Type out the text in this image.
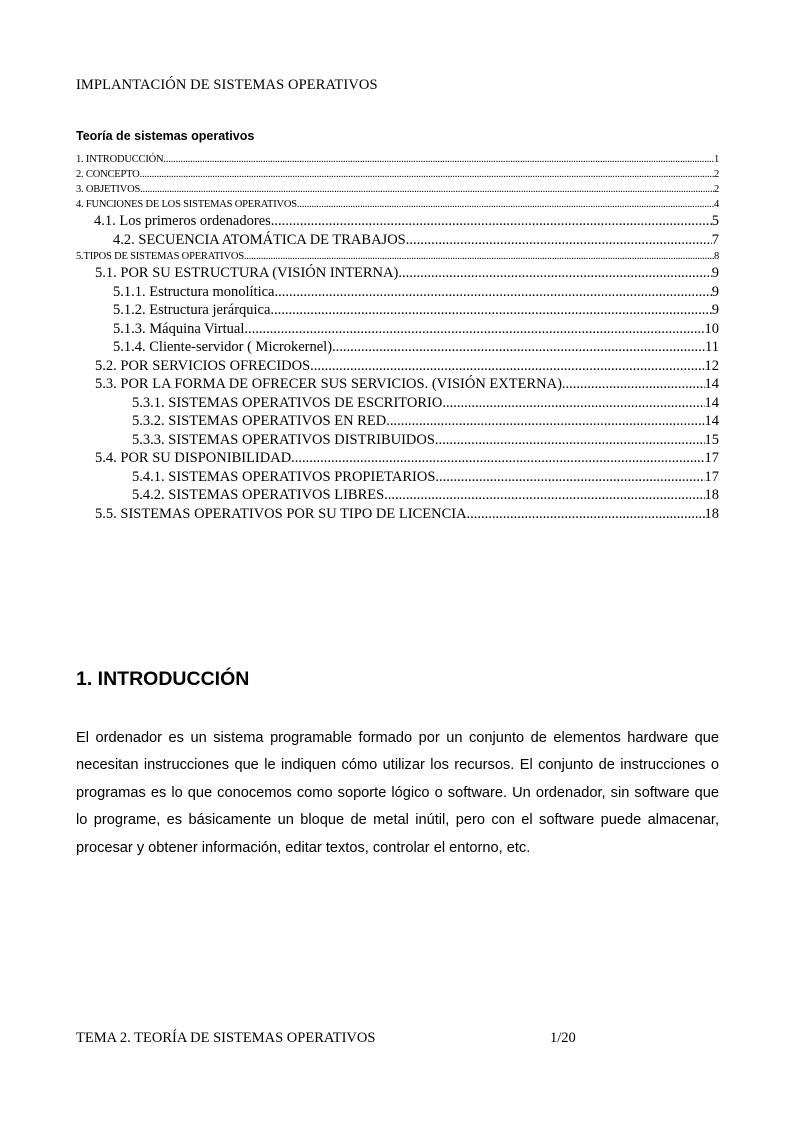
IMPLANTACIÓN DE SISTEMAS OPERATIVOS
Teoría de sistemas operativos
1. INTRODUCCIÓN .....	1
2. CONCEPTO .....	2
3. OBJETIVOS .....	2
4. FUNCIONES DE LOS SISTEMAS OPERATIVOS .....	4
4.1. Los primeros ordenadores .....	5
4.2. SECUENCIA ATOMÁTICA DE TRABAJOS .....	7
5.TIPOS DE SISTEMAS OPERATIVOS .....	8
5.1. POR SU ESTRUCTURA (VISIÓN INTERNA) .....	9
5.1.1. Estructura monolítica .....	9
5.1.2. Estructura jerárquica .....	9
5.1.3. Máquina Virtual .....	10
5.1.4. Cliente-servidor ( Microkernel) .....	11
5.2. POR SERVICIOS OFRECIDOS .....	12
5.3. POR LA FORMA DE OFRECER SUS SERVICIOS. (VISIÓN EXTERNA) .....	14
5.3.1. SISTEMAS OPERATIVOS DE ESCRITORIO .....	14
5.3.2. SISTEMAS OPERATIVOS EN RED .....	14
5.3.3. SISTEMAS OPERATIVOS DISTRIBUIDOS .....	15
5.4. POR SU DISPONIBILIDAD .....	17
5.4.1. SISTEMAS OPERATIVOS PROPIETARIOS .....	17
5.4.2. SISTEMAS OPERATIVOS LIBRES .....	18
5.5. SISTEMAS OPERATIVOS POR SU TIPO DE LICENCIA .....	18
1. INTRODUCCIÓN

El ordenador es un sistema programable formado por un conjunto de elementos hardware que necesitan instrucciones que le indiquen cómo utilizar los recursos. El conjunto de instrucciones o programas es lo que conocemos como soporte lógico o software. Un ordenador, sin software que lo programe, es básicamente un bloque de metal inútil, pero con el software puede almacenar, procesar y obtener información, editar textos, controlar el entorno, etc.

TEMA 2. TEORÍA DE SISTEMAS OPERATIVOS	1/20
